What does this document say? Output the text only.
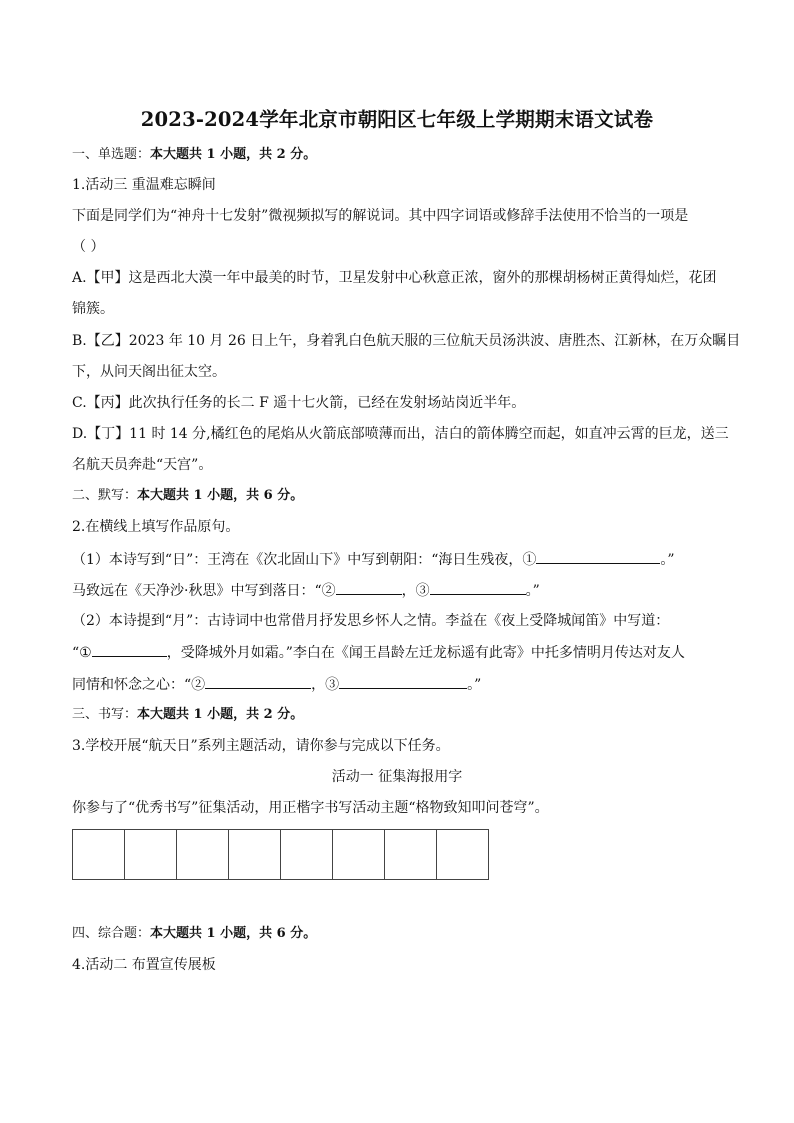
2023-2024学年北京市朝阳区七年级上学期期末语文试卷
一、单选题：本大题共 1 小题，共 2 分。
1.活动三 重温难忘瞬间
下面是同学们为“神舟十七发射”微视频拟写的解说词。其中四字词语或修辞手法使用不恰当的一项是
（ ）
A.【甲】这是西北大漠一年中最美的时节，卫星发射中心秋意正浓，窗外的那棵胡杨树正黄得灿烂，花团
锦簇。
B.【乙】2023 年 10 月 26 日上午，身着乳白色航天服的三位航天员汤洪波、唐胜杰、江新林，在万众瞩目
下，从问天阁出征太空。
C.【丙】此次执行任务的长二 F 遥十七火箭，已经在发射场站岗近半年。
D.【丁】11 时 14 分,橘红色的尾焰从火箭底部喷薄而出，洁白的箭体腾空而起，如直冲云霄的巨龙，送三
名航天员奔赴“天宫”。
二、默写：本大题共 1 小题，共 6 分。
2.在横线上填写作品原句。
（1）本诗写到“日”：王湾在《次北固山下》中写到朝阳：“海日生残夜，①	。”
马致远在《天净沙·秋思》中写到落日：“②	，③	。”
（2）本诗提到“月”：古诗词中也常借月抒发思乡怀人之情。李益在《夜上受降城闻笛》中写道：
“①	，受降城外月如霜。”李白在《闻王昌龄左迁龙标遥有此寄》中托多情明月传达对友人
同情和怀念之心：“②	，③	。”
三、书写：本大题共 1 小题，共 2 分。
3.学校开展“航天日”系列主题活动，请你参与完成以下任务。
活动一 征集海报用字
你参与了“优秀书写”征集活动，用正楷字书写活动主题“格物致知叩问苍穹”。
四、综合题：本大题共 1 小题，共 6 分。
4.活动二 布置宣传展板
